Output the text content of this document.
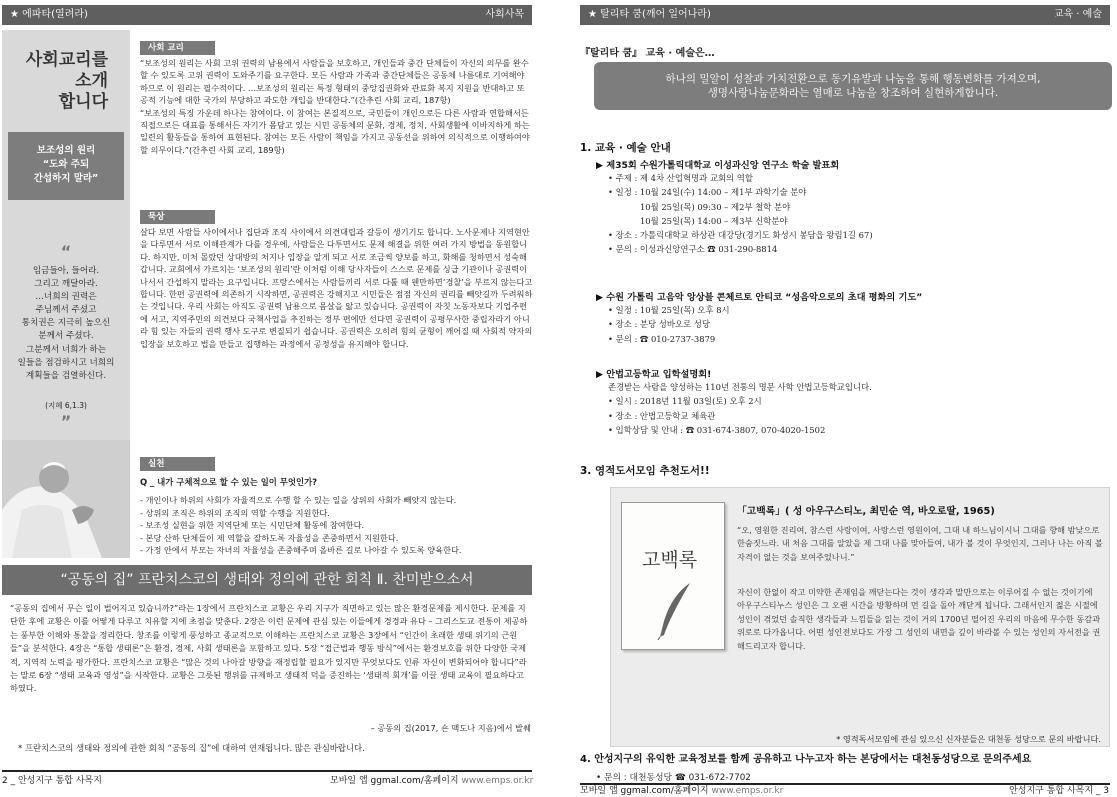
★ 에파타(열려라)	사회사목
사회교리를
소개
합니다
보조성의 원리
“도와 주되
간섭하지 말라”
“
임금들아, 들어라.
그리고 깨달아라.
…너희의 권력은
주님께서 주셨고
통치권은 지극히 높으신
분께서 주셨다.
그분께서 너희가 하는
일들을 점검하시고 너희의
계획들을 검열하신다.
(지혜 6,1.3)
”
사회 교리
“보조성의 원리는 사회 고위 권력의 남용에서 사람들을 보호하고, 개인들과 중간 단체들이 자신의 의무를 완수할 수 있도록 고위 권력이 도와주기를 요구한다. 모든 사람과 가족과 중간단체들은 공동체 나름대로 기여해야 하므로 이 원리는 필수적이다. …보조성의 원리는 특정 형태의 중앙집권화와 관료화 복지 지원을 반대하고 또 공적 기능에 대한 국가의 부당하고 과도한 개입을 반대한다.”(간추린 사회 교리, 187항)
“보조성의 특징 가운데 하나는 참여이다. 이 참여는 본질적으로, 국민들이 개인으로든 다른 사람과 연합해서든 직접으로든 대표를 통해서든 자기가 몸담고 있는 시민 공동체의 문화, 경제, 정치, 사회생활에 이바지하게 하는 일련의 활동들을 통하여 표현된다. 참여는 모든 사람이 책임을 가지고 공동선을 위하여 의식적으로 이행하여야 할 의무이다.”(간추린 사회 교리, 189항)
묵상
살다 보면 사람들 사이에서나 집단과 조직 사이에서 의견대립과 갈등이 생기기도 합니다. 노사문제나 지역현안을 다루면서 서로 이해관계가 다를 경우에, 사람들은 다투면서도 문제 해결을 위한 여러 가지 방법을 동원합니다. 하지만, 미처 몰랐던 상대방의 처지나 입장을 알게 되고 서로 조금씩 양보를 하고, 화해를 청하면서 성숙해 갑니다. 교회에서 가르치는 ‘보조성의 원리’란 이처럼 이해 당사자들이 스스로 문제를 싱급 기관이나 공권력이 나서서 간섭하지 말라는 요구입니다. 프랑스에서는 사람들끼리 서로 다툴 때 웬만하면‘경찰’을 부르지 않는다고 합니다. 한편 공권력에 의존하기 시작하면, 공권력은 강해지고 시민들은 점점 자신의 권리를 빼앗길까 두려워하는 것입니다. 우리 사회는 아직도 공권력 남용으로 몸살을 앓고 있습니다. 공권력이 자칫 노동자보다 기업주편에 서고, 지역주민의 의견보다 국책사업을 추진하는 정부 편에만 선다면 공권력이 공평무사한 중립자라기 아니라 힘 있는 자들의 권력 행사 도구로 변질되기 쉽습니다. 공권력은 오히려 힘의 균형이 깨어질 때 사회적 약자의 입장을 보호하고 법을 만들고 집행하는 과정에서 공정성을 유지해야 합니다.
실천
Q _ 내가 구체적으로 할 수 있는 일이 무엇인가?
- 개인이나 하위의 사회가 자율적으로 수행 할 수 있는 일을 상위의 사회가 빼앗지 않는다.
- 상위의 조직은 하위의 조직의 역할 수행을 지원한다.
- 보조성 실현을 위한 지역단체 또는 시민단체 활동에 참여한다.
- 본당 산하 단체들이 제 역할을 잘하도록 자율성을 존중하면서 지원한다.
- 가정 안에서 부모는 자녀의 자율성을 존중해주며 올바른 길로 나아갈 수 있도록 양육한다.
“공동의 집” 프란치스코의 생태와 정의에 관한 회칙 Ⅱ. 찬미받으소서
“공동의 집에서 무슨 일이 벌어지고 있습니까?”라는 1장에서 프란치스코 교황은 우리 지구가 직면하고 있는 많은 환경문제를 제시한다. 문제를 지단한 후에 교황은 이를 어떻게 다루고 치유할 지에 초점을 맞춘다. 2장은 이런 문제에 관심 있는 이들에게 경경과 유다 – 그리스도교 전통이 제공하는 풍부한 이해와 통찰을 정리한다. 창조를 이렇게 풍성하고 종교적으로 이해하는 프란치스코 교황은 3장에서 “인간이 초래한 생태 위기의 근원들”을 분석한다. 4장은 “통합 생태론”은 환경, 경제, 사회 생태론을 포함하고 있다. 5장 “접근법과 행동 방식”에서는 환경보호를 위한 다양한 국제적, 지역적 노력을 평가한다. 프란치스코 교황은 “많은 것의 나아갈 방향을 재정립할 필요가 있지만 무엇보다도 인류 자신이 변화되어야 합니다”라는 말로 6장 “생태 교육과 영성”을 시작한다. 교황은 그릇된 행위를 규제하고 생태적 덕을 증진하는 ‘생태적 회개’를 이끌 생태 교육이 필요하다고 하였다.
– 공동의 집(2017, 숀 맥도나 지음)에서 발췌
* 프란치스코의 생태와 정의에 관한 회칙 “공동의 집”에 대하여 연재됩니다. 많은 관심바랍니다.
2 _ 안성지구 통합 사목지	모바일 앱 ggmal.com/홈페이지 www.emps.or.kr
★ 탈리타 쿰(깨어 일어나라)	교육 · 예술
『탈리타 쿰』 교육 · 예술은…
하나의 밀알이 성찰과 가치전환으로 동기유발과 나눔을 통해 행동변화를 가져오며,
생명사랑나눔문화라는 열매로 나눔을 창조하여 실현하게합니다.
1. 교육 · 예술 안내
▶ 제35회 수원가톨릭대학교 이성과신앙 연구소 학술 발표회
• 주제 : 제 4차 산업혁명과 교회의 역할
• 일정 : 10월 24일(수) 14:00 – 제1부 과학기술 분야
10월 25일(목) 09:30 – 제2부 철학 분야
10월 25일(목) 14:00 – 제3부 신학분야
• 장소 : 가톨릭대학교 하상관 대강당(경기도 화성시 봉담읍 왕림1길 67)
• 문의 : 이성과신앙연구소 ☎ 031-290-8814
▶ 수원 가톨릭 고음악 앙상블 콘체르토 안티코 “성음악으로의 초대 평화의 기도”
• 일정 : 10월 25일(목) 오후 8시
• 장소 : 분당 성바오로 성당
• 문의 : ☎ 010-2737-3879
▶ 안법고등학교 입학설명회!
존경받는 사람을 양성하는 110년 전통의 명문 사학 안법고등학교입니다.
• 일시 : 2018년 11월 03일(토) 오후 2시
• 장소 : 안법고등학교 체육관
• 입학상담 및 안내 : ☎ 031-674-3807, 070-4020-1502
3. 영적도서모임 추천도서!!
고백록
「고백록」( 성 아우구스티노, 최민순 역, 바오로딸, 1965)
“오, 영원한 진리여, 참스런 사랑이여, 사랑스런 영원이여, 그대 내 하느님이시니 그대를 향해 밤낮으로 한숨짓느라. 내 처음 그대를 알았을 제 그대 나를 맞아들여, 내가 볼 것이 무엇인지, 그러나 나는 아직 볼 자격이 없는 것을 보여주었나니.”
자신이 한없이 작고 미약한 존재임을 깨닫는다는 것이 생각과 말만으로는 이루어질 수 없는 것이기에 아우구스티누스 성인은 그 오랜 시간을 방황하며 먼 길을 돌아 깨닫게 됩니다. 그래서인지 젊은 시절에 성인이 겪었던 솔직한 생각들과 느낌들을 읽는 것이 거의 1700년 떨어진 우리의 마음에 무수한 동감과 위로로 다가옵니다. 어떤 성인전보다도 가장 그 성인의 내면을 깊이 바라볼 수 있는 성인의 자서전을 권해드리고자 합니다.
* 영적독서모임에 관심 있으신 신자분들은 대천동 성당으로 문의 바랍니다.
4. 안성지구의 유익한 교육정보를 함께 공유하고 나누고자 하는 본당에서는 대천동성당으로 문의주세요
• 문의 : 대천동성당 ☎ 031-672-7702
모바일 앱 ggmal.com/홈페이지 www.emps.or.kr	안성지구 통합 사목지 _ 3
